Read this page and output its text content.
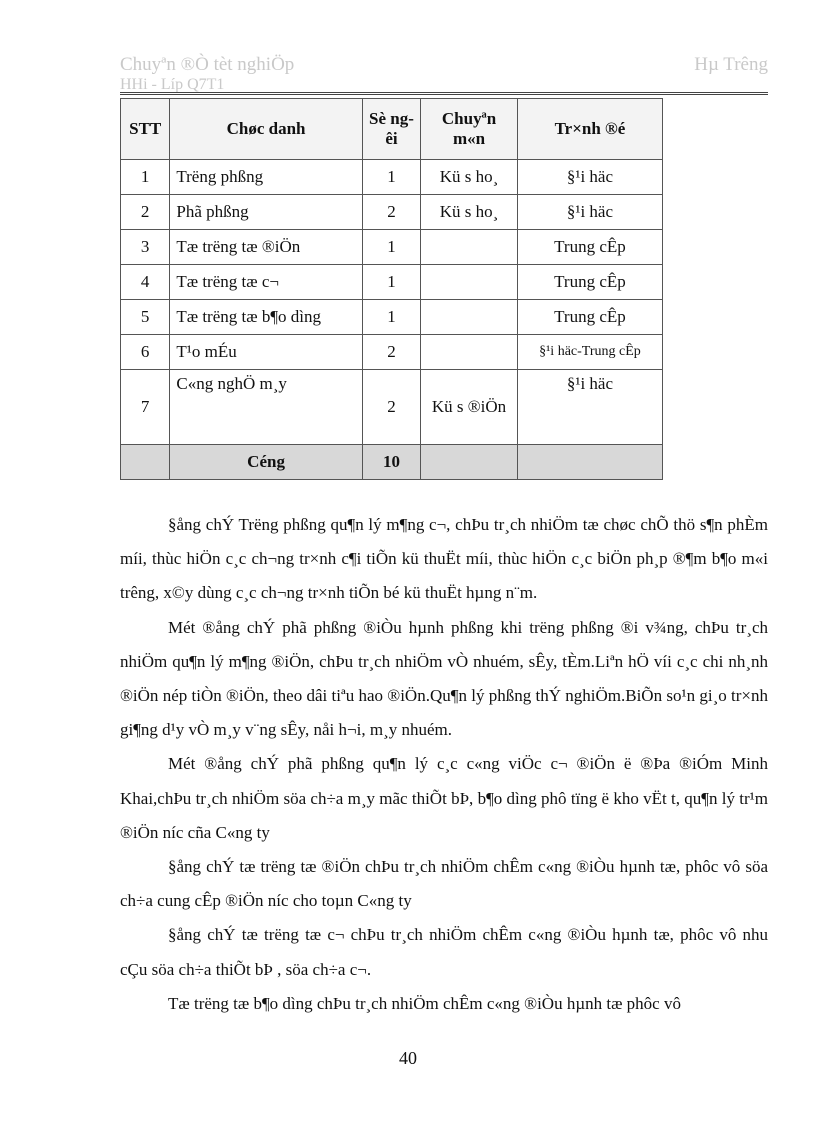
Chuyªn ®Ò tèt nghiÖp
HHi - Líp Q7T1
Hµ Trêng
STT	Chøc danh	Sè ngêi	Chuyªn m«n	Tr×nh ®é
1	Trëng phßng	1	Kü s ho¸	§¹i häc
2	Phã phßng	2	Kü s ho¸	§¹i häc
3	Tæ trëng tæ ®iÖn	1		Trung cÊp
4	Tæ trëng tæ c¬	1		Trung cÊp
5	Tæ trëng tæ b¶o dìng	1		Trung cÊp
6	T¹o mÉu	2		§¹i häc-Trung cÊp
7	C«ng nghÖ m¸y	2	Kü s ®iÖn	§¹i häc
	Céng	10		

§ång chÝ Trëng phßng qu¶n lý m¶ng c¬, chÞu tr¸ch nhiÖm tæ chøc chÕ thö s¶n phÈm míi, thùc hiÖn c¸c ch¬ng tr×nh c¶i tiÕn kü thuËt míi, thùc hiÖn c¸c biÖn ph¸p ®¶m b¶o m«i trêng, x©y dùng c¸c ch¬ng tr×nh tiÕn bé kü thuËt hµng n¨m.

Mét ®ång chÝ phã phßng ®iÒu hµnh phßng khi trëng phßng ®i v¾ng, chÞu tr¸ch nhiÖm qu¶n lý m¶ng ®iÖn, chÞu tr¸ch nhiÖm vÒ nhuém, sÊy, tÈm.Liªn hÖ víi c¸c chi nh¸nh ®iÖn nép tiÒn ®iÖn, theo dâi tiªu hao ®iÖn.Qu¶n lý phßng thÝ nghiÖm.BiÕn so¹n gi¸o tr×nh gi¶ng d¹y vÒ m¸y v¨ng sÊy, nåi h¬i, m¸y nhuém.

Mét ®ång chÝ phã phßng qu¶n lý c¸c c«ng viÖc c¬ ®iÖn ë ®Þa ®iÓm Minh Khai,chÞu tr¸ch nhiÖm söa ch÷a m¸y mãc thiÕt bÞ, b¶o dìng phô tïng ë kho vËt t, qu¶n lý tr¹m ®iÖn níc cña C«ng ty

§ång chÝ tæ trëng tæ ®iÖn chÞu tr¸ch nhiÖm chÊm c«ng ®iÒu hµnh tæ, phôc vô söa ch÷a cung cÊp ®iÖn níc cho toµn C«ng ty

§ång chÝ tæ trëng tæ c¬ chÞu tr¸ch nhiÖm chÊm c«ng ®iÒu hµnh tæ, phôc vô nhu cÇu söa ch÷a thiÕt bÞ , söa ch÷a c¬.

Tæ trëng tæ b¶o dìng chÞu tr¸ch nhiÖm chÊm c«ng ®iÒu hµnh tæ phôc vô

40
